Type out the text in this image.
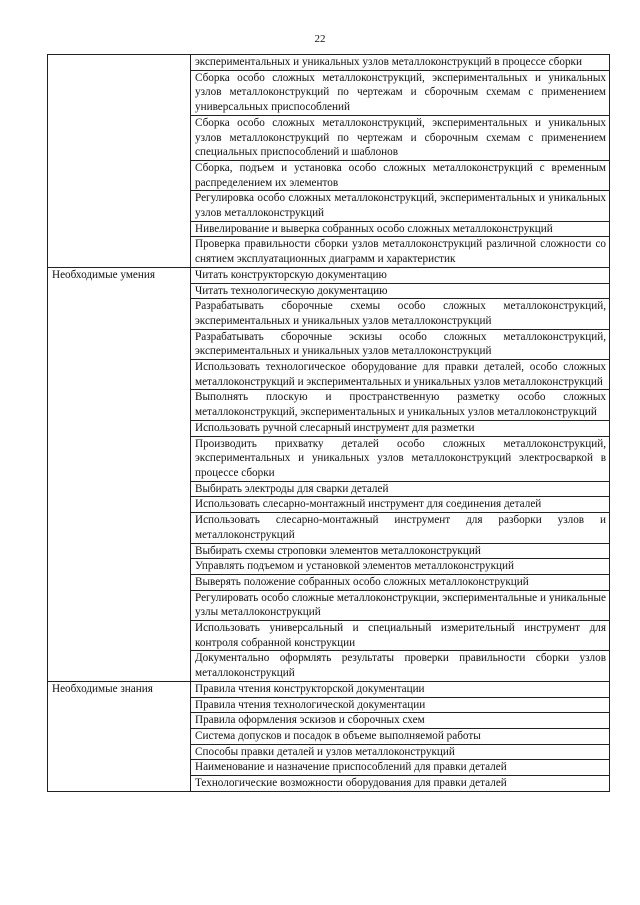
22
	экспериментальных и уникальных узлов металлоконструкций в процессе сборки
	Сборка особо сложных металлоконструкций, экспериментальных и уникальных узлов металлоконструкций по чертежам и сборочным схемам с применением универсальных приспособлений
	Сборка особо сложных металлоконструкций, экспериментальных и уникальных узлов металлоконструкций по чертежам и сборочным схемам с применением специальных приспособлений и шаблонов
	Сборка, подъем и установка особо сложных металлоконструкций с временным распределением их элементов
	Регулировка особо сложных металлоконструкций, экспериментальных и уникальных узлов металлоконструкций
	Нивелирование и выверка собранных особо сложных металлоконструкций
	Проверка правильности сборки узлов металлоконструкций различной сложности со снятием эксплуатационных диаграмм и характеристик
Необходимые умения	Читать конструкторскую документацию
	Читать технологическую документацию
	Разрабатывать сборочные схемы особо сложных металлоконструкций, экспериментальных и уникальных узлов металлоконструкций
	Разрабатывать сборочные эскизы особо сложных металлоконструкций, экспериментальных и уникальных узлов металлоконструкций
	Использовать технологическое оборудование для правки деталей, особо сложных металлоконструкций и экспериментальных и уникальных узлов металлоконструкций
	Выполнять плоскую и пространственную разметку особо сложных металлоконструкций, экспериментальных и уникальных узлов металлоконструкций
	Использовать ручной слесарный инструмент для разметки
	Производить прихватку деталей особо сложных металлоконструкций, экспериментальных и уникальных узлов металлоконструкций электросваркой в процессе сборки
	Выбирать электроды для сварки деталей
	Использовать слесарно-монтажный инструмент для соединения деталей
	Использовать слесарно-монтажный инструмент для разборки узлов и металлоконструкций
	Выбирать схемы строповки элементов металлоконструкций
	Управлять подъемом и установкой элементов металлоконструкций
	Выверять положение собранных особо сложных металлоконструкций
	Регулировать особо сложные металлоконструкции, экспериментальные и уникальные узлы металлоконструкций
	Использовать универсальный и специальный измерительный инструмент для контроля собранной конструкции
	Документально оформлять результаты проверки правильности сборки узлов металлоконструкций
Необходимые знания	Правила чтения конструкторской документации
	Правила чтения технологической документации
	Правила оформления эскизов и сборочных схем
	Система допусков и посадок в объеме выполняемой работы
	Способы правки деталей и узлов металлоконструкций
	Наименование и назначение приспособлений для правки деталей
	Технологические возможности оборудования для правки деталей
